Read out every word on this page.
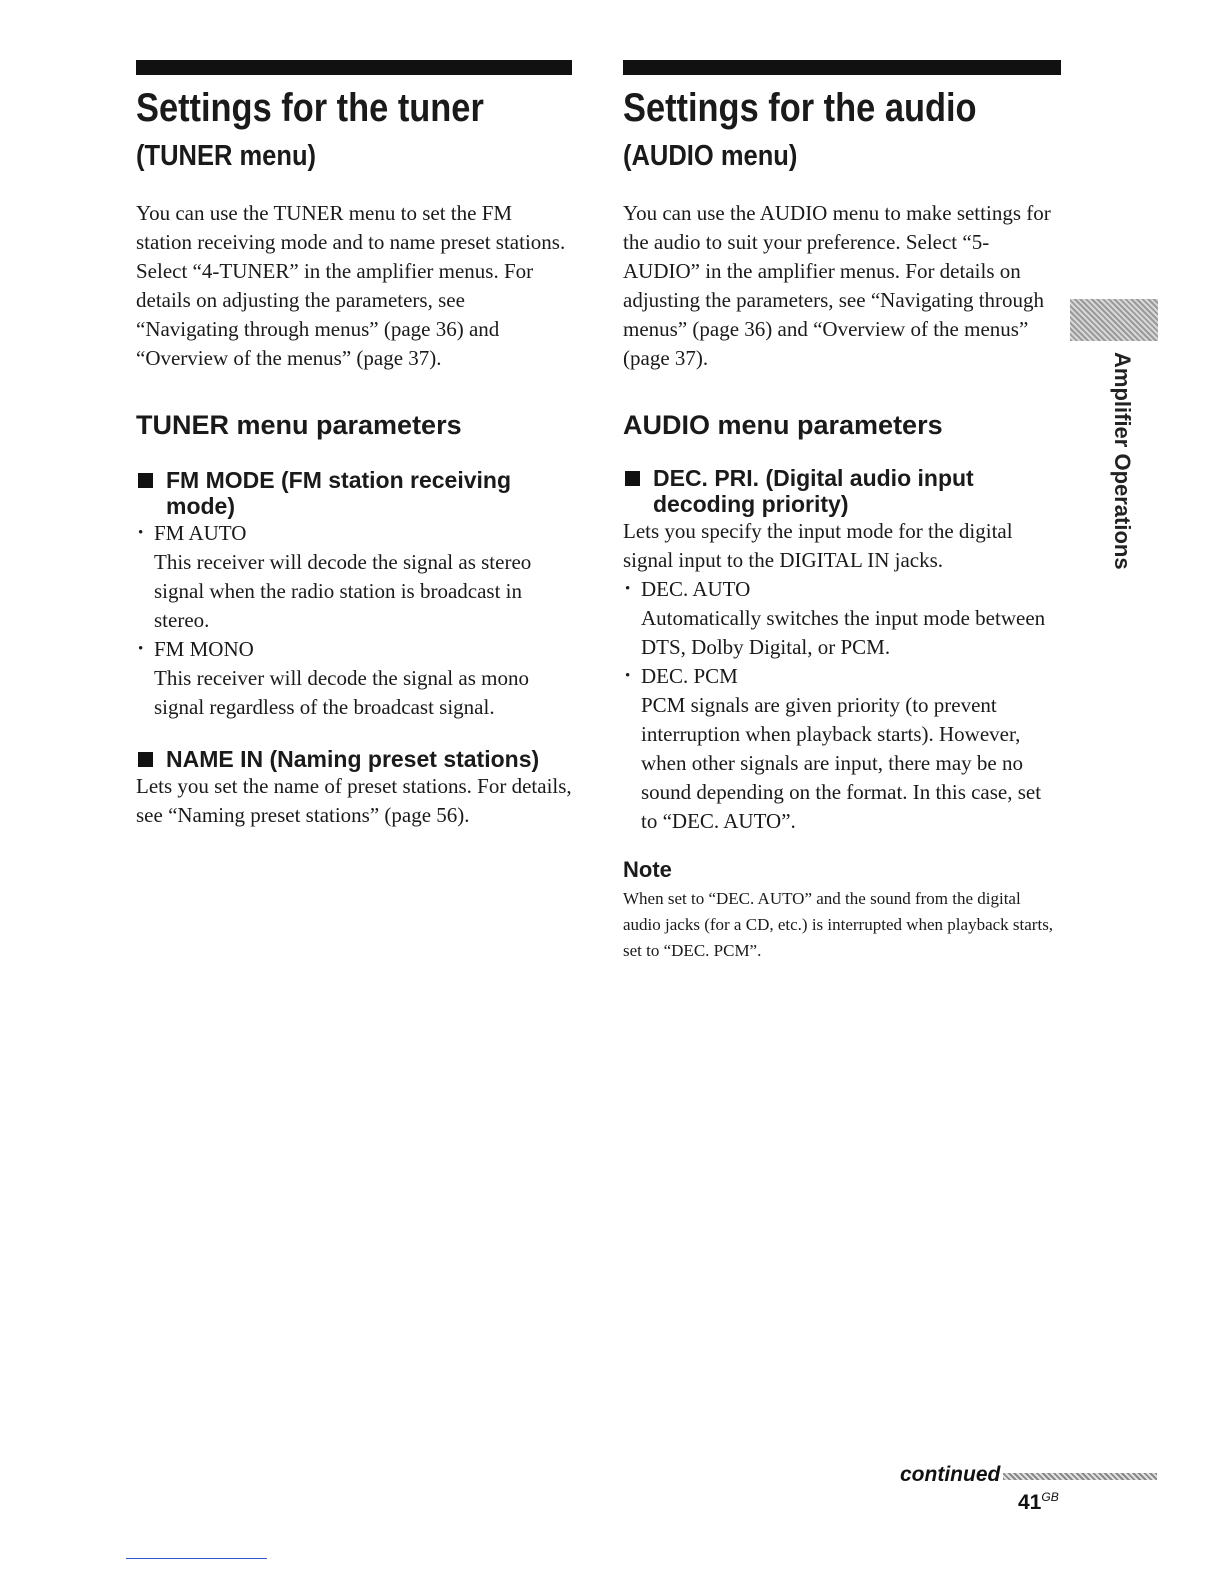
Settings for the tuner
(TUNER menu)

You can use the TUNER menu to set the FM station receiving mode and to name preset stations.

Select “4-TUNER” in the amplifier menus. For details on adjusting the parameters, see “Navigating through menus” (page 36) and “Overview of the menus” (page 37).

TUNER menu parameters
FM MODE (FM station receiving mode)

• FM AUTO

This receiver will decode the signal as stereo signal when the radio station is broadcast in stereo.

• FM MONO

This receiver will decode the signal as mono signal regardless of the broadcast signal.

NAME IN (Naming preset stations)

Lets you set the name of preset stations. For details, see “Naming preset stations” (page 56).

Settings for the audio
(AUDIO menu)

You can use the AUDIO menu to make settings for the audio to suit your preference. Select “5-AUDIO” in the amplifier menus. For details on adjusting the parameters, see “Navigating through menus” (page 36) and “Overview of the menus” (page 37).

AUDIO menu parameters
DEC. PRI. (Digital audio input decoding priority)

Lets you specify the input mode for the digital signal input to the DIGITAL IN jacks.

• DEC. AUTO

Automatically switches the input mode between DTS, Dolby Digital, or PCM.

• DEC. PCM

PCM signals are given priority (to prevent interruption when playback starts). However, when other signals are input, there may be no sound depending on the format. In this case, set to “DEC. AUTO”.

Note

When set to “DEC. AUTO” and the sound from the digital audio jacks (for a CD, etc.) is interrupted when playback starts, set to “DEC. PCM”.

Amplifier Operations
continued
$41^{GB}$
